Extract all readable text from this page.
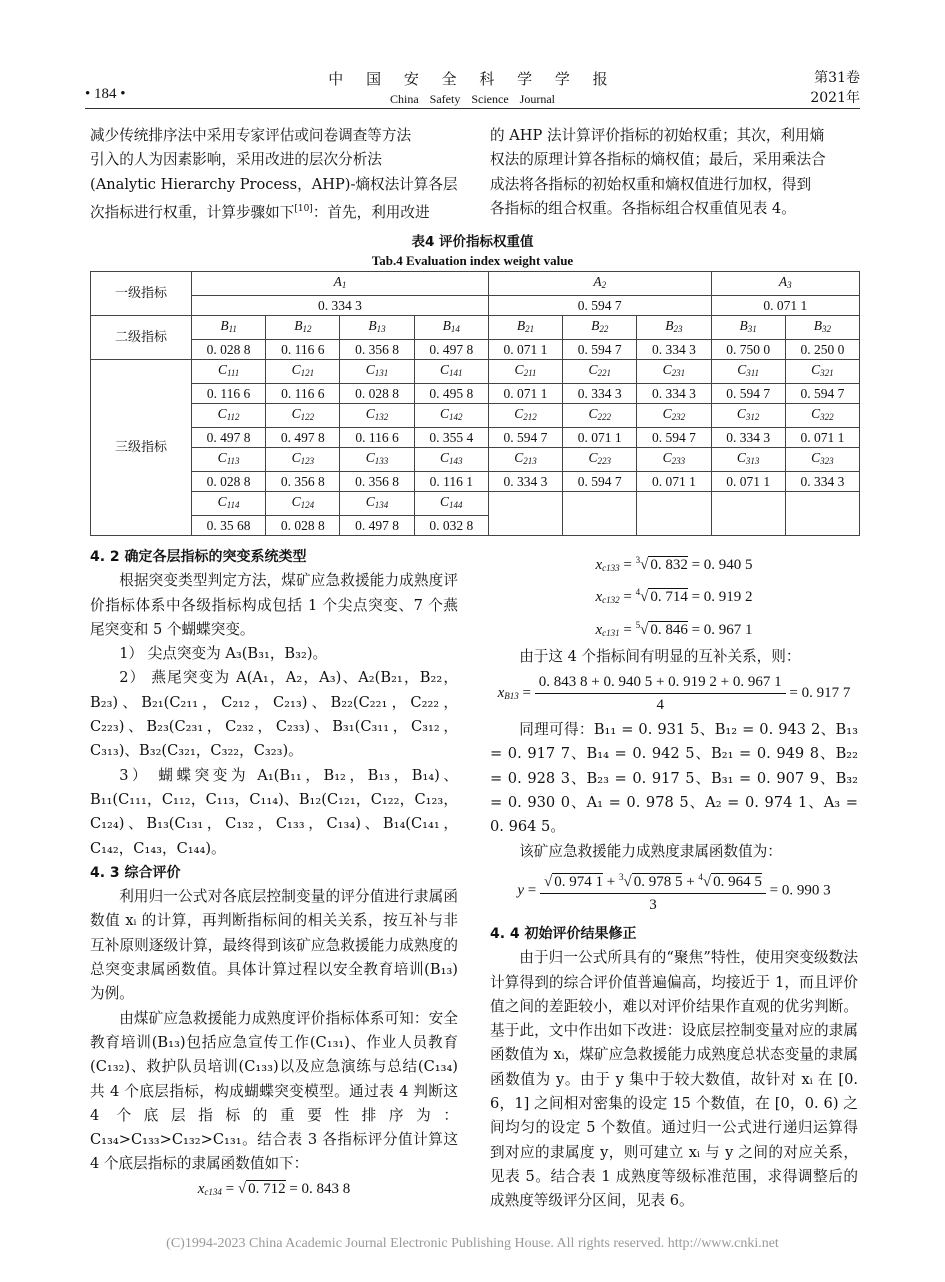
• 184 •
中 国 安 全 科 学 学 报
China Safety Science Journal
第31卷
2021年

减少传统排序法中采用专家评估或问卷调查等方法

引入的人为因素影响，采用改进的层次分析法

(Analytic Hierarchy Process，AHP)-熵权法计算各层

次指标进行权重，计算步骤如下[10]：首先，利用改进

的 AHP 法计算评价指标的初始权重；其次，利用熵

权法的原理计算各指标的熵权值；最后，采用乘法合

成法将各指标的初始权重和熵权值进行加权，得到

各指标的组合权重。各指标组合权重值见表 4。

表4 评价指标权重值
Tab.4 Evaluation index weight value
一级指标	$A_1$				$A_2$			$A_3$
	0. 334 3				0. 594 7			0. 071 1	
二级指标	$B_{11}$	$B_{12}$	$B_{13}$	$B_{14}$	$B_{21}$	$B_{22}$	$B_{23}$	$B_{31}$	$B_{32}$
	0. 028 8	0. 116 6	0. 356 8	0. 497 8	0. 071 1	0. 594 7	0. 334 3	0. 750 0	0. 250 0
三级指标	$C_{111}$	$C_{121}$	$C_{131}$	$C_{141}$	$C_{211}$	$C_{221}$	$C_{231}$	$C_{311}$	$C_{321}$
	0. 116 6	0. 116 6	0. 028 8	0. 495 8	0. 071 1	0. 334 3	0. 334 3	0. 594 7	0. 594 7
	$C_{112}$	$C_{122}$	$C_{132}$	$C_{142}$	$C_{212}$	$C_{222}$	$C_{232}$	$C_{312}$	$C_{322}$
	0. 497 8	0. 497 8	0. 116 6	0. 355 4	0. 594 7	0. 071 1	0. 594 7	0. 334 3	0. 071 1
	$C_{113}$	$C_{123}$	$C_{133}$	$C_{143}$	$C_{213}$	$C_{223}$	$C_{233}$	$C_{313}$	$C_{323}$
	0. 028 8	0. 356 8	0. 356 8	0. 116 1	0. 334 3	0. 594 7	0. 071 1	0. 071 1	0. 334 3
	$C_{114}$	$C_{124}$	$C_{134}$	$C_{144}$					
	0. 35 68	0. 028 8	0. 497 8	0. 032 8					

4. 2 确定各层指标的突变系统类型

根据突变类型判定方法，煤矿应急救援能力成熟度评价指标体系中各级指标构成包括 1 个尖点突变、7 个燕尾突变和 5 个蝴蝶突变。

1） 尖点突变为 A₃(B₃₁，B₃₂)。

2） 燕尾突变为 A(A₁，A₂，A₃)、A₂(B₂₁，B₂₂，B₂₃)、B₂₁(C₂₁₁，C₂₁₂，C₂₁₃)、B₂₂(C₂₂₁，C₂₂₂，C₂₂₃)、B₂₃(C₂₃₁，C₂₃₂，C₂₃₃)、B₃₁(C₃₁₁，C₃₁₂，C₃₁₃)、B₃₂(C₃₂₁，C₃₂₂，C₃₂₃)。

3） 蝴蝶突变为 A₁(B₁₁，B₁₂，B₁₃，B₁₄)、B₁₁(C₁₁₁，C₁₁₂，C₁₁₃，C₁₁₄)、B₁₂(C₁₂₁，C₁₂₂，C₁₂₃，C₁₂₄)、B₁₃(C₁₃₁，C₁₃₂，C₁₃₃，C₁₃₄)、B₁₄(C₁₄₁，C₁₄₂，C₁₄₃，C₁₄₄)。

4. 3 综合评价

利用归一公式对各底层控制变量的评分值进行隶属函数值 xᵢ 的计算，再判断指标间的相关关系，按互补与非互补原则逐级计算，最终得到该矿应急救援能力成熟度的总突变隶属函数值。具体计算过程以安全教育培训(B₁₃)为例。

由煤矿应急救援能力成熟度评价指标体系可知：安全教育培训(B₁₃)包括应急宣传工作(C₁₃₁)、作业人员教育(C₁₃₂)、救护队员培训(C₁₃₃)以及应急演练与总结(C₁₃₄)共 4 个底层指标，构成蝴蝶突变模型。通过表 4 判断这 4 个底层指标的重要性排序为：C₁₃₄>C₁₃₃>C₁₃₂>C₁₃₁。结合表 3 各指标评分值计算这 4 个底层指标的隶属函数值如下：

$x_{c134}$ = √ 0. 712 = 0. 843 8

$x_{c133} = ^3√$ 0. 832 = 0. 940 5

$x_{c132} = ^4√$ 0. 714 = 0. 919 2

$x_{c131} = ^5√$ 0. 846 = 0. 967 1

由于这 4 个指标间有明显的互补关系，则：

$x_{B13} = \frac{0. 843 8 + 0. 940 5 + 0. 919 2 + 0. 967 1}{4} = 0$. 917 7

同理可得：B₁₁ = 0. 931 5、B₁₂ = 0. 943 2、B₁₃ = 0. 917 7、B₁₄ = 0. 942 5、B₂₁ = 0. 949 8、B₂₂ = 0. 928 3、B₂₃ = 0. 917 5、B₃₁ = 0. 907 9、B₃₂ = 0. 930 0、A₁ = 0. 978 5、A₂ = 0. 974 1、A₃ = 0. 964 5。

该矿应急救援能力成熟度隶属函数值为：

$y = \frac{√ 0. 974 1 + ^3√ 0. 978 5 + ^4√ 0. 964 5}{3} = 0$. 990 3

4. 4 初始评价结果修正

由于归一公式所具有的“聚焦”特性，使用突变级数法计算得到的综合评价值普遍偏高，均接近于 1，而且评价值之间的差距较小，难以对评价结果作直观的优劣判断。基于此，文中作出如下改进：设底层控制变量对应的隶属函数值为 xᵢ，煤矿应急救援能力成熟度总状态变量的隶属函数值为 y。由于 y 集中于较大数值，故针对 xᵢ 在 [0. 6，1] 之间相对密集的设定 15 个数值，在 [0，0. 6) 之间均匀的设定 5 个数值。通过归一公式进行递归运算得到对应的隶属度 y，则可建立 xᵢ 与 y 之间的对应关系，见表 5。结合表 1 成熟度等级标准范围，求得调整后的成熟度等级评分区间，见表 6。

(C)1994-2023 China Academic Journal Electronic Publishing House. All rights reserved. http://www.cnki.net
